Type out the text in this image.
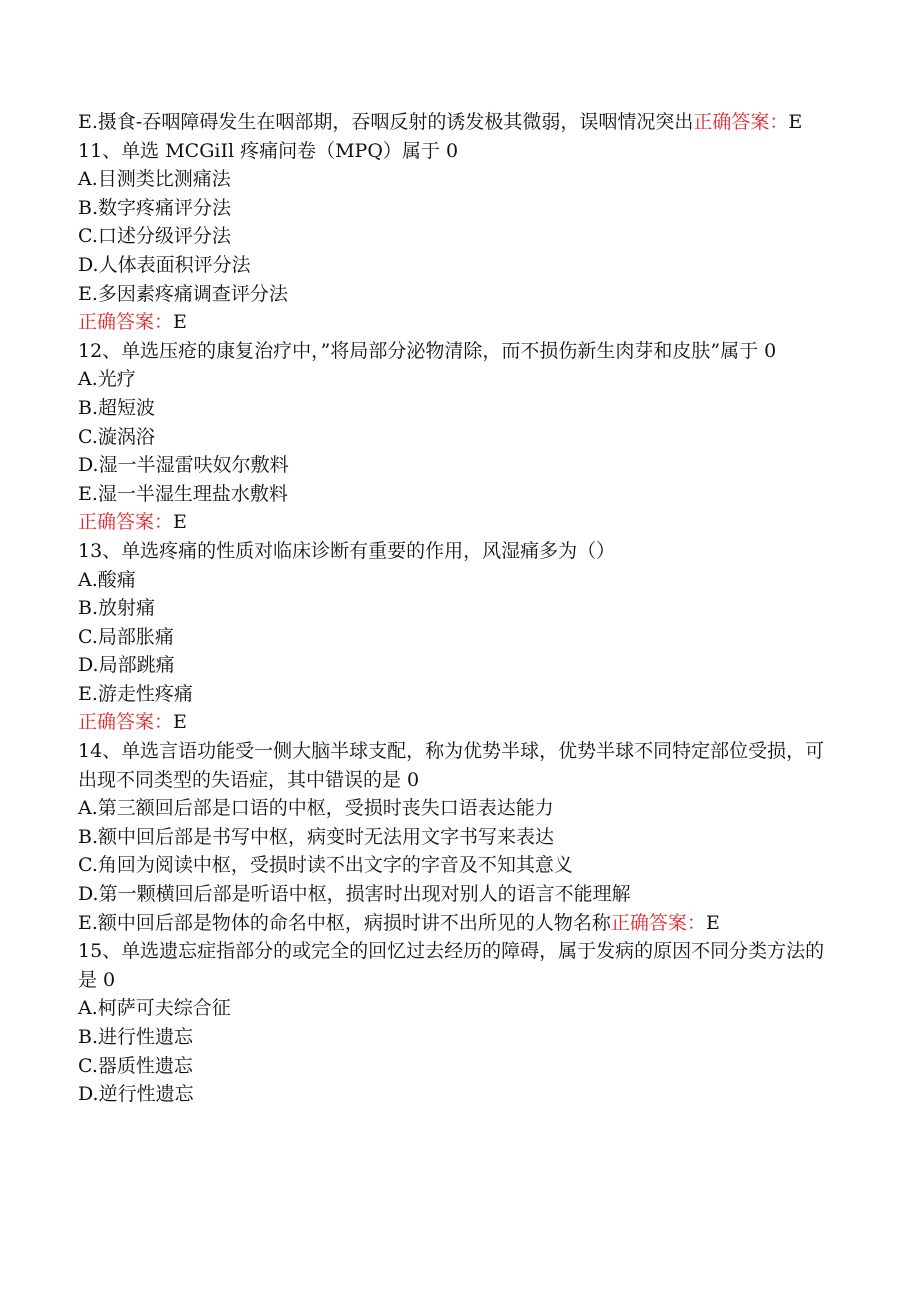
E.摄食-吞咽障碍发生在咽部期，吞咽反射的诱发极其微弱，误咽情况突出正确答案：E
11、单选 MCGiIl 疼痛问卷（MPQ）属于 0
A.目测类比测痛法
B.数字疼痛评分法
C.口述分级评分法
D.人体表面积评分法
E.多因素疼痛调查评分法
正确答案：E
12、单选压疮的康复治疗中，”将局部分泌物清除，而不损伤新生肉芽和皮肤”属于 0
A.光疗
B.超短波
C.漩涡浴
D.湿一半湿雷呋奴尔敷料
E.湿一半湿生理盐水敷料
正确答案：E
13、单选疼痛的性质对临床诊断有重要的作用，风湿痛多为（）
A.酸痛
B.放射痛
C.局部胀痛
D.局部跳痛
E.游走性疼痛
正确答案：E
14、单选言语功能受一侧大脑半球支配，称为优势半球，优势半球不同特定部位受损，可出现不同类型的失语症，其中错误的是 0
A.第三额回后部是口语的中枢，受损时丧失口语表达能力
B.额中回后部是书写中枢，病变时无法用文字书写来表达
C.角回为阅读中枢，受损时读不出文字的字音及不知其意义
D.第一颗横回后部是听语中枢，损害时出现对别人的语言不能理解
E.额中回后部是物体的命名中枢，病损时讲不出所见的人物名称正确答案：E
15、单选遗忘症指部分的或完全的回忆过去经历的障碍，属于发病的原因不同分类方法的是 0
A.柯萨可夫综合征
B.进行性遗忘
C.器质性遗忘
D.逆行性遗忘
